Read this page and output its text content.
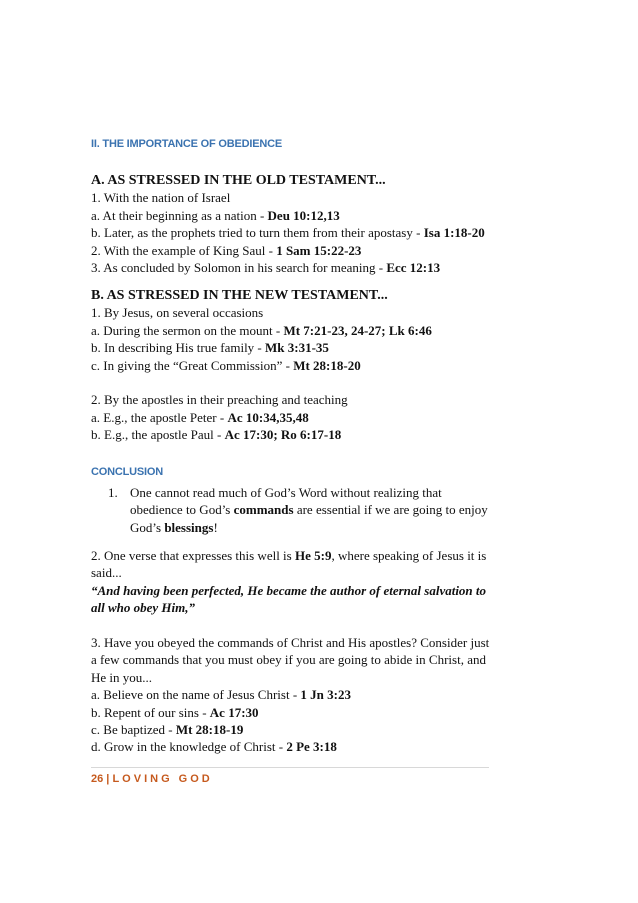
II. THE IMPORTANCE OF OBEDIENCE

A. AS STRESSED IN THE OLD TESTAMENT...

1. With the nation of Israel

a. At their beginning as a nation - Deu 10:12,13

b. Later, as the prophets tried to turn them from their apostasy - Isa 1:18-20

2. With the example of King Saul - 1 Sam 15:22-23

3. As concluded by Solomon in his search for meaning - Ecc 12:13

B. AS STRESSED IN THE NEW TESTAMENT...

1. By Jesus, on several occasions

a. During the sermon on the mount - Mt 7:21-23, 24-27; Lk 6:46

b. In describing His true family - Mk 3:31-35

c. In giving the “Great Commission” - Mt 28:18-20

2. By the apostles in their preaching and teaching

a. E.g., the apostle Peter - Ac 10:34,35,48

b. E.g., the apostle Paul - Ac 17:30; Ro 6:17-18

CONCLUSION
1. One cannot read much of God’s Word without realizing that
obedience to God’s commands are essential if we are going to enjoy
God’s blessings!

2. One verse that expresses this well is He 5:9, where speaking of Jesus it is

said...

“And having been perfected, He became the author of eternal salvation to

all who obey Him,”

3. Have you obeyed the commands of Christ and His apostles? Consider just

a few commands that you must obey if you are going to abide in Christ, and

He in you...

a. Believe on the name of Jesus Christ - 1 Jn 3:23

b. Repent of our sins - Ac 17:30

c. Be baptized - Mt 28:18-19

d. Grow in the knowledge of Christ - 2 Pe 3:18

26 | LOVING GOD
